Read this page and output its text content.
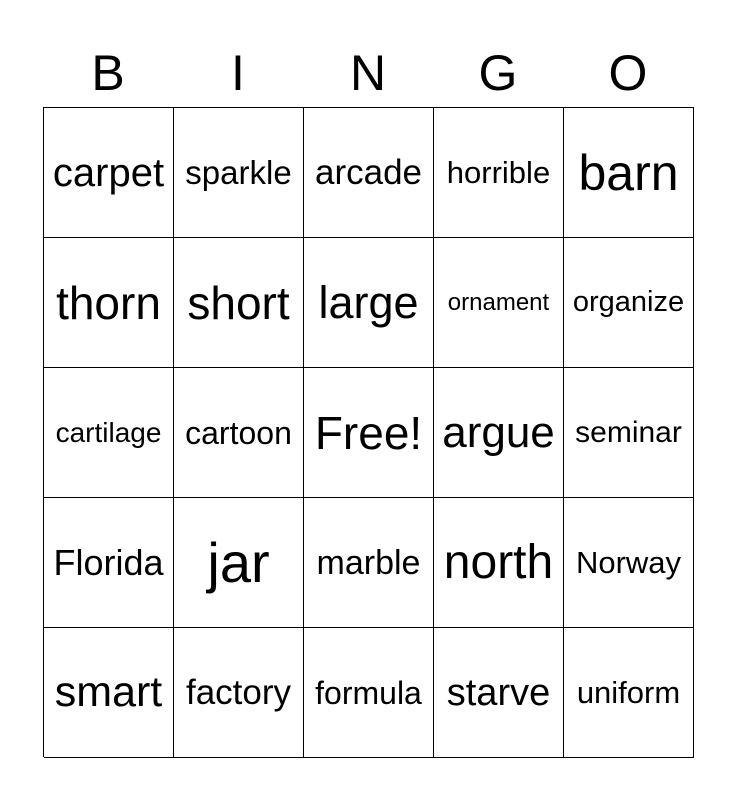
B	I	N	G	O
carpet sparkle arcade horrible barn
thorn short large	ornament organize
cartilage cartoon Free! argue seminar
Florida jar	marble north Norway
smart factory formula starve uniform
